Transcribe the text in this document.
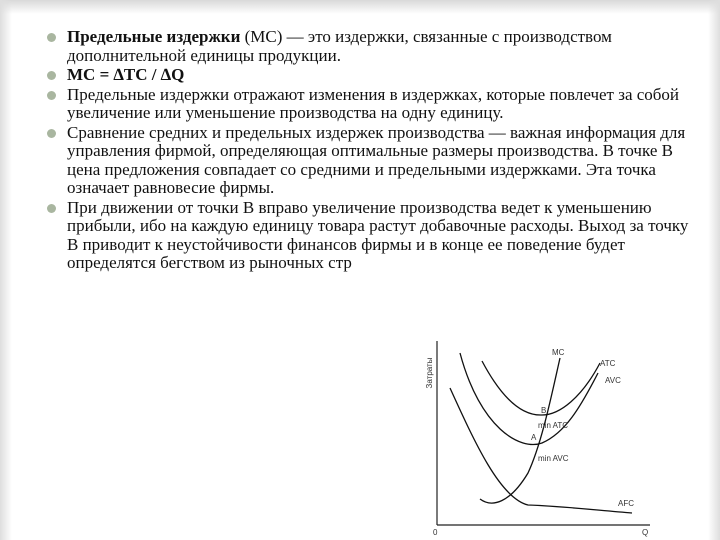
Предельные издержки (MC) — это издержки, связанные с производством дополнительной единицы продукции.
MC = ∆TC / ∆Q
Предельные издержки отражают изменения в издержках, которые повлечет за собой увеличение или уменьшение производства на одну единицу.
Сравнение средних и предельных издержек производства — важная информация для управления фирмой, определяющая оптимальные размеры производства. В точке В цена предложения совпадает со средними и предельными издержками. Эта точка означает равновесие фирмы.
При движении от точки В вправо увеличение производства ведет к уменьшению прибыли, ибо на каждую единицу товара растут добавочные расходы. Выход за точку В приводит к неустойчивости финансов фирмы и в конце ее поведение будет определятся бегством из рыночных стр
Затраты
0	Q
MC
ATC
AVC
AFC
B
A
min ATC
min AVC
